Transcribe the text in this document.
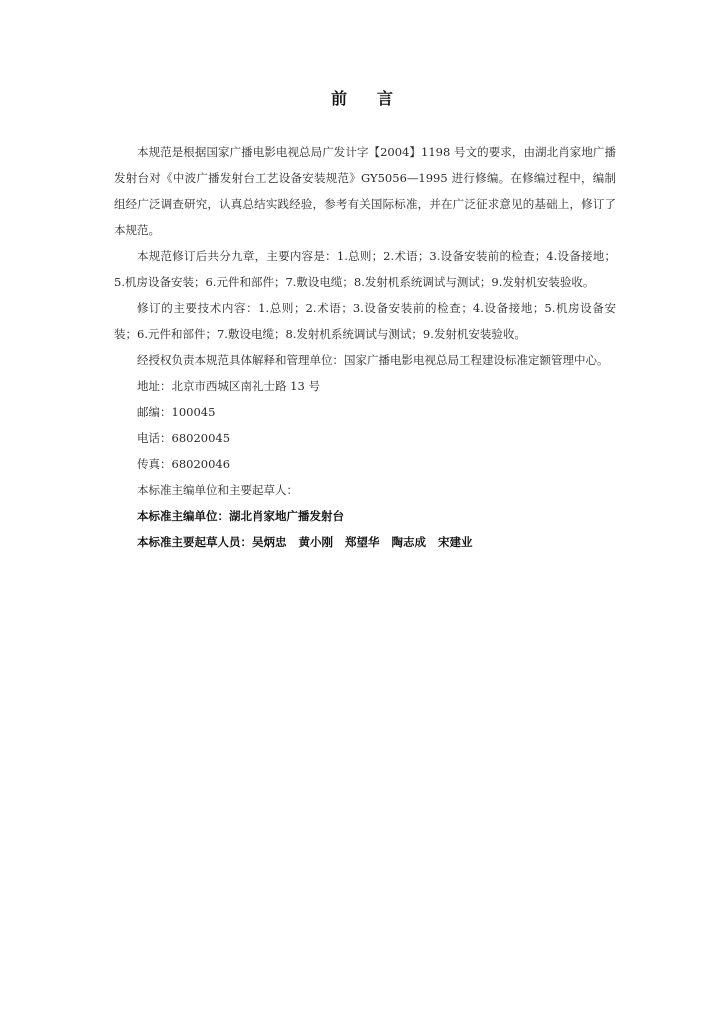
前 言

本规范是根据国家广播电影电视总局广发计字【2004】1198 号文的要求，由湖北肖家地广播发射台对《中波广播发射台工艺设备安装规范》GY5056—1995 进行修编。在修编过程中，编制组经广泛调查研究，认真总结实践经验，参考有关国际标准，并在广泛征求意见的基础上，修订了本规范。

本规范修订后共分九章，主要内容是：1.总则；2.术语；3.设备安装前的检查；4.设备接地；5.机房设备安装；6.元件和部件；7.敷设电缆；8.发射机系统调试与测试；9.发射机安装验收。

修订的主要技术内容：1.总则；2.术语；3.设备安装前的检查；4.设备接地；5.机房设备安装；6.元件和部件；7.敷设电缆；8.发射机系统调试与测试；9.发射机安装验收。

经授权负责本规范具体解释和管理单位：国家广播电影电视总局工程建设标准定额管理中心。

地址：北京市西城区南礼士路 13 号

邮编：100045

电话：68020045

传真：68020046

本标准主编单位和主要起草人：

本标准主编单位：湖北肖家地广播发射台

本标准主要起草人员：吴炳忠 黄小刚 郑望华 陶志成 宋建业
